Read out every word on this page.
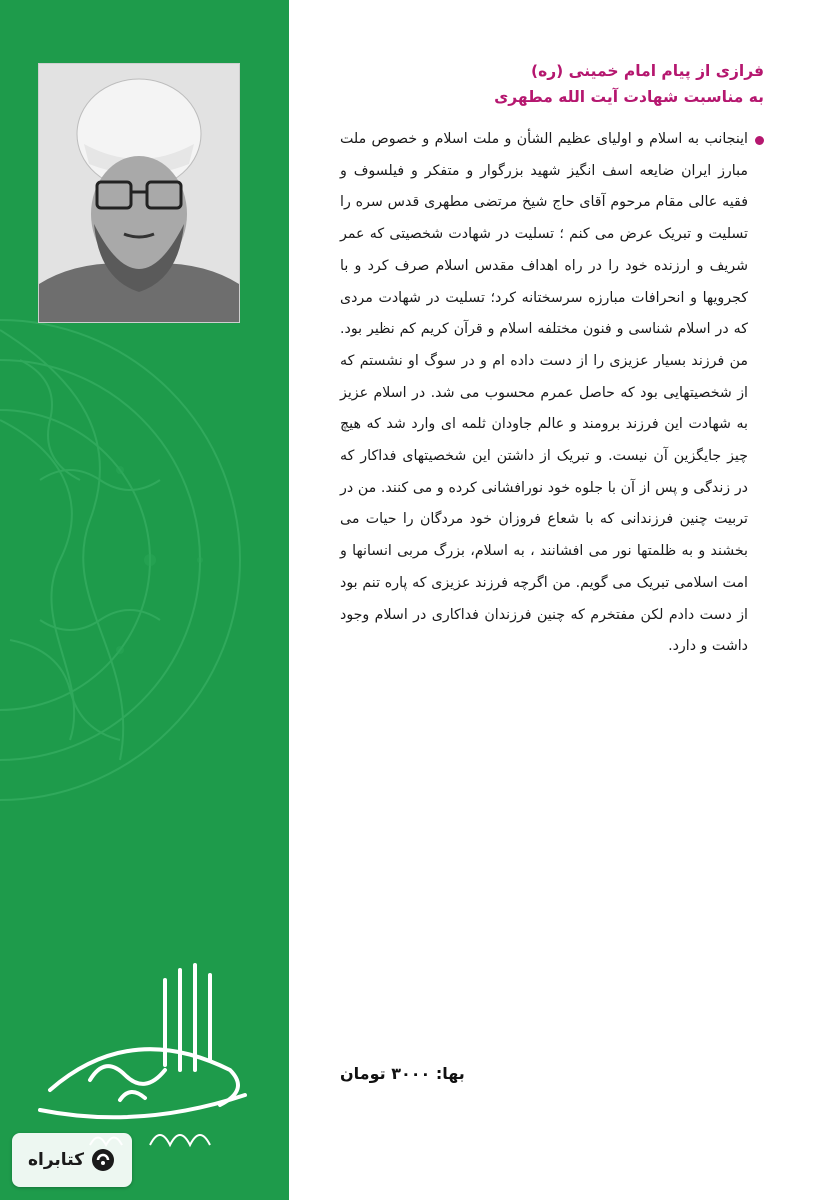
کتابراه

فرازی از پیام امام خمینی (ره)

به مناسبت شهادت آیت الله مطهری

اینجانب به اسلام و اولیای عظیم الشأن و ملت اسلام و خصوص ملت مبارز ایران ضایعه اسف انگیز شهید بزرگوار و متفکر و فیلسوف و فقیه عالی مقام مرحوم آقای حاج شیخ مرتضی مطهری قدس سره را تسلیت و تبریک عرض می کنم ؛ تسلیت در شهادت شخصیتی که عمر شریف و ارزنده خود را در راه اهداف مقدس اسلام صرف کرد و با کجرویها و انحرافات مبارزه سرسختانه کرد؛ تسلیت در شهادت مردی که در اسلام شناسی و فنون مختلفه اسلام و قرآن کریم کم نظیر بود. من فرزند بسیار عزیزی را از دست داده ام و در سوگ او نشستم که از شخصیتهایی بود که حاصل عمرم محسوب می شد. در اسلام عزیز به شهادت این فرزند برومند و عالم جاودان ثلمه ای وارد شد که هیچ چیز جایگزین آن نیست. و تبریک از داشتن این شخصیتهای فداکار که در زندگی و پس از آن با جلوه خود نورافشانی کرده و می کنند. من در تربیت چنین فرزندانی که با شعاع فروزان خود مردگان را حیات می بخشند و به ظلمتها نور می افشانند ، به اسلام، بزرگ مربی انسانها و امت اسلامی تبریک می گویم. من اگرچه فرزند عزیزی که پاره تنم بود از دست دادم لکن مفتخرم که چنین فرزندان فداکاری در اسلام وجود داشت و دارد.
بها: ۳۰۰۰ تومان
